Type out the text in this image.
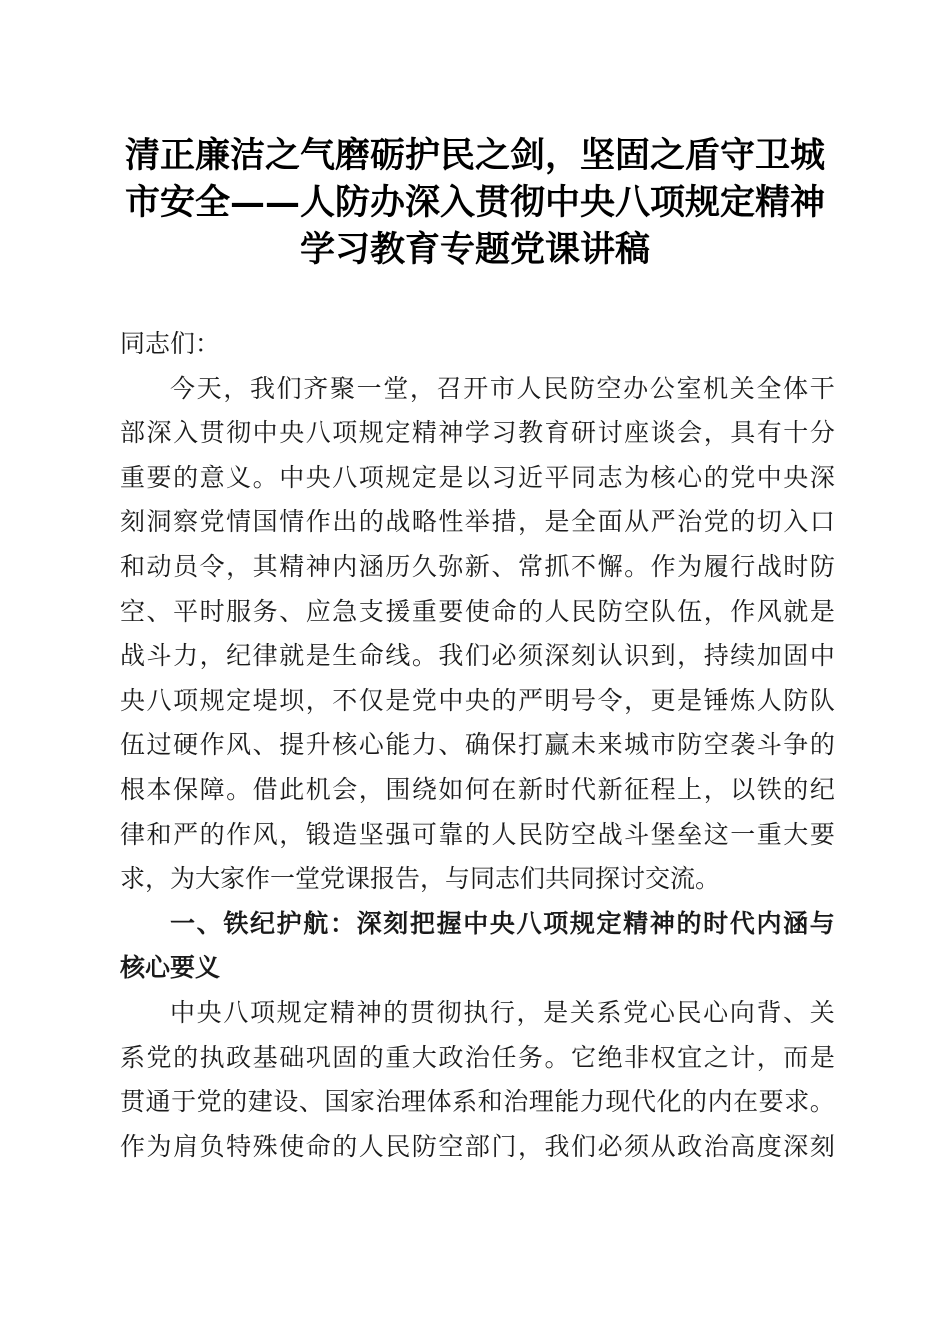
清正廉洁之气磨砺护民之剑，坚固之盾守卫城
市安全——人防办深入贯彻中央八项规定精神
学习教育专题党课讲稿
同志们：
今 天 ， 我 们 齐 聚 一 堂 ， 召 开 市 人 民 防 空 办 公 室 机 关 全 体 干
部 深 入 贯 彻 中 央 八 项 规 定 精 神 学 习 教 育 研 讨 座 谈 会 ， 具 有 十 分
重 要 的 意 义 。 中 央 八 项 规 定 是 以 习 近 平 同 志 为 核 心 的 党 中 央 深
刻 洞 察 党 情 国 情 作 出 的 战 略 性 举 措 ， 是 全 面 从 严 治 党 的 切 入 口
和 动 员 令 ， 其 精 神 内 涵 历 久 弥 新 、 常 抓 不 懈 。 作 为 履 行 战 时 防
空 、 平 时 服 务 、 应 急 支 援 重 要 使 命 的 人 民 防 空 队 伍 ， 作 风 就 是
战 斗 力 ， 纪 律 就 是 生 命 线 。 我 们 必 须 深 刻 认 识 到 ， 持 续 加 固 中
央 八 项 规 定 堤 坝 ， 不 仅 是 党 中 央 的 严 明 号 令 ， 更 是 锤 炼 人 防 队
伍 过 硬 作 风 、 提 升 核 心 能 力 、 确 保 打 赢 未 来 城 市 防 空 袭 斗 争 的
根 本 保 障 。 借 此 机 会 ， 围 绕 如 何 在 新 时 代 新 征 程 上 ， 以 铁 的 纪
律 和 严 的 作 风 ， 锻 造 坚 强 可 靠 的 人 民 防 空 战 斗 堡 垒 这 一 重 大 要
求，为大家作一堂党课报告，与同志们共同探讨交流。
一 、 铁 纪 护 航 ： 深 刻 把 握 中 央 八 项 规 定 精 神 的 时 代 内 涵 与
核心要义
中 央 八 项 规 定 精 神 的 贯 彻 执 行 ， 是 关 系 党 心 民 心 向 背 、 关
系 党 的 执 政 基 础 巩 固 的 重 大 政 治 任 务 。 它 绝 非 权 宜 之 计 ， 而 是
贯 通 于 党 的 建 设 、 国 家 治 理 体 系 和 治 理 能 力 现 代 化 的 内 在 要 求 。
作 为 肩 负 特 殊 使 命 的 人 民 防 空 部 门 ， 我 们 必 须 从 政 治 高 度 深 刻
